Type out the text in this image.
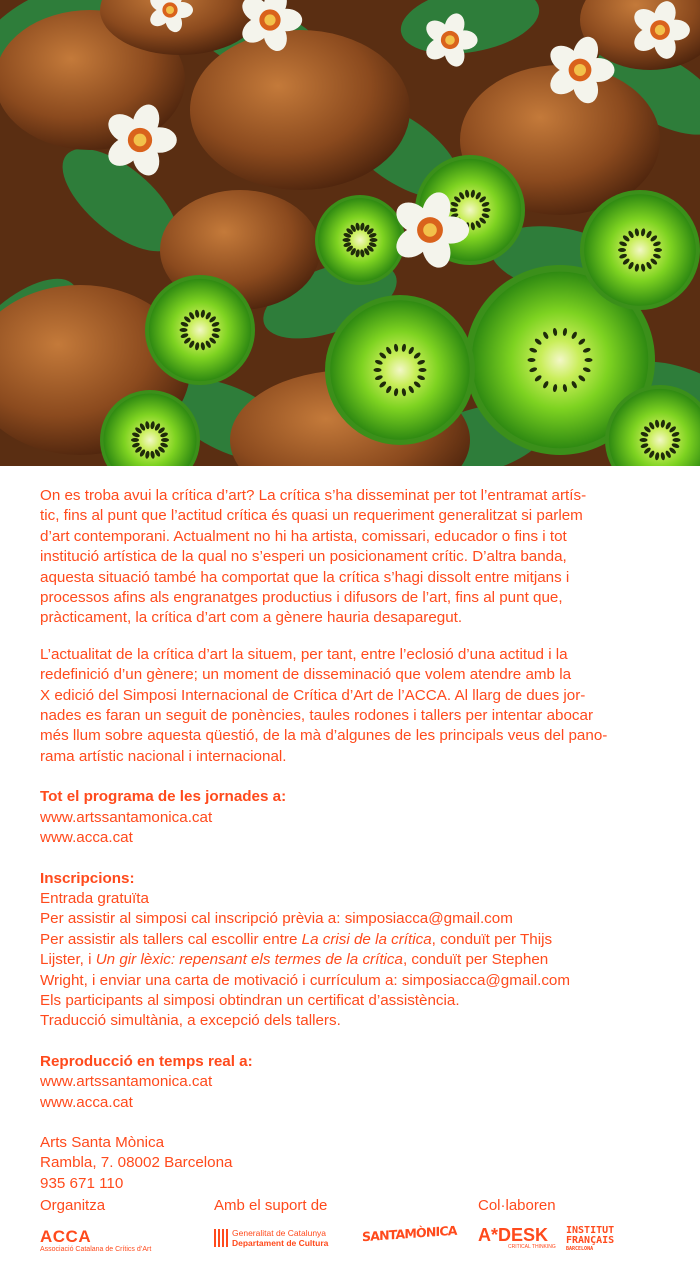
On es troba avui la crítica d’art? La crítica s’ha disseminat per tot l’entramat artís-
tic, fins al punt que l’actitud crítica és quasi un requeriment generalitzat si parlem
d’art contemporani. Actualment no hi ha artista, comissari, educador o fins i tot
institució artística de la qual no s’esperi un posicionament crític. D’altra banda,
aquesta situació també ha comportat que la crítica s’hagi dissolt entre mitjans i
processos afins als engranatges productius i difusors de l’art, fins al punt que,
pràcticament, la crítica d’art com a gènere hauria desaparegut.
L’actualitat de la crítica d’art la situem, per tant, entre l’eclosió d’una actitud i la
redefinició d’un gènere; un moment de disseminació que volem atendre amb la
X edició del Simposi Internacional de Crítica d’Art de l’ACCA. Al llarg de dues jor-
nades es faran un seguit de ponències, taules rodones i tallers per intentar abocar
més llum sobre aquesta qüestió, de la mà d’algunes de les principals veus del pano-
rama artístic nacional i internacional.
Tot el programa de les jornades a:
www.artssantamonica.cat
www.acca.cat
Inscripcions:
Entrada gratuïta
Per assistir al simposi cal inscripció prèvia a: simposiacca@gmail.com
Per assistir als tallers cal escollir entre La crisi de la crítica, conduït per Thijs
Lijster, i Un gir lèxic: repensant els termes de la crítica, conduït per Stephen
Wright, i enviar una carta de motivació i currículum a: simposiacca@gmail.com
Els participants al simposi obtindran un certificat d’assistència.
Traducció simultània, a excepció dels tallers.
Reproducció en temps real a:
www.artssantamonica.cat
www.acca.cat
Arts Santa Mònica
Rambla, 7. 08002 Barcelona
935 671 110
Organitza	Amb el suport de	Col·laboren
ACCA
Associació Catalana de Crítics d’Art
Generalitat de Catalunya
Departament de Cultura	SANTAMÒNICA A*DESK
CRITICAL THINKING
INSTITUT
FRANÇAIS
BARCELONA
